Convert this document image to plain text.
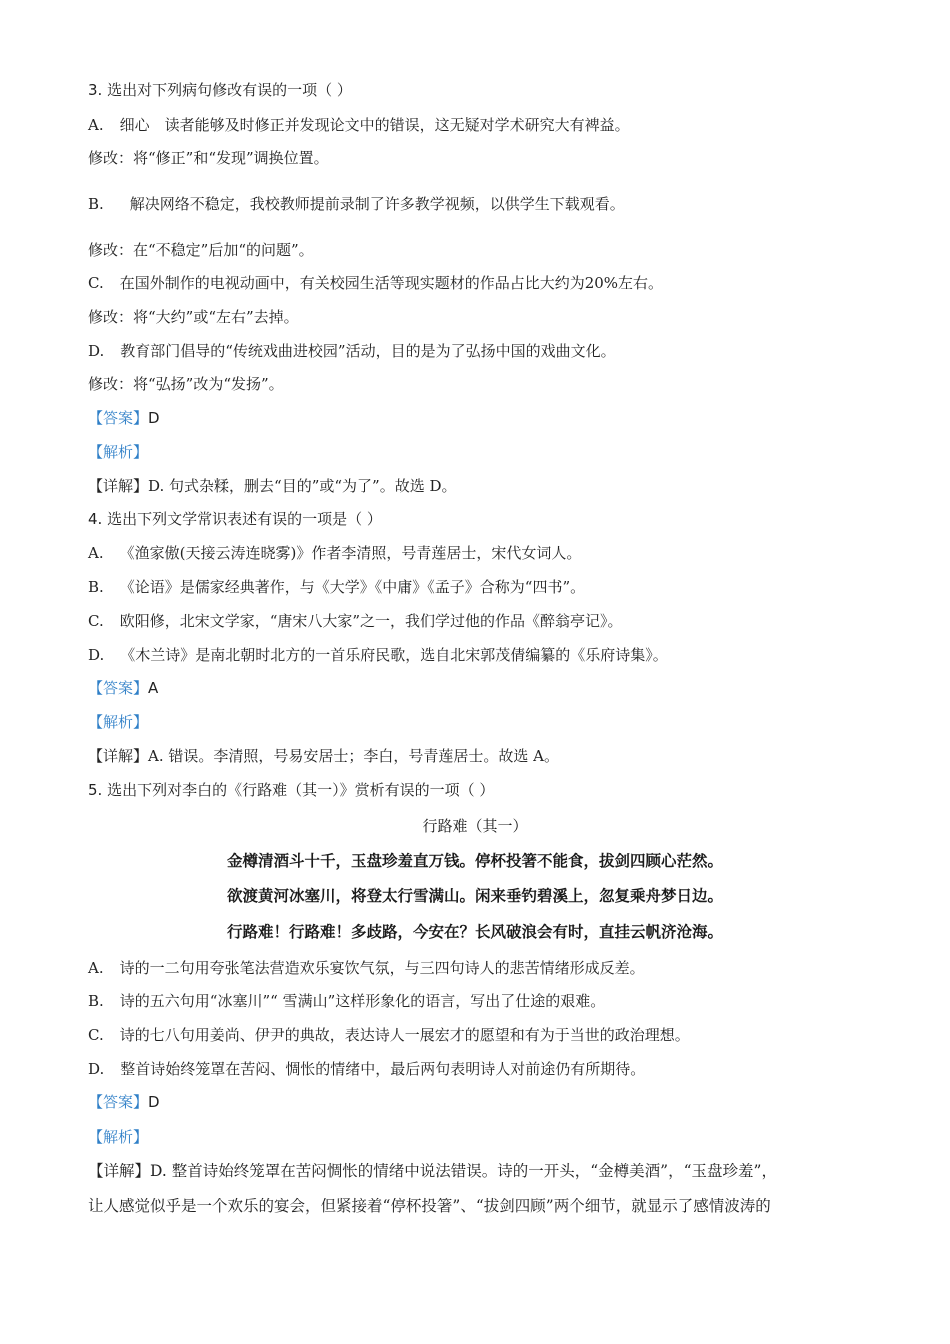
3. 选出对下列病句修改有误的一项（ ）
A. 细心　读者能够及时修正并发现论文中的错误，这无疑对学术研究大有裨益。
修改：将“修正”和“发现”调换位置。
B. 解决网络不稳定，我校教师提前录制了许多教学视频，以供学生下载观看。
修改：在“不稳定”后加“的问题”。
C. 在国外制作的电视动画中，有关校园生活等现实题材的作品占比大约为20%左右。
修改：将“大约”或“左右”去掉。
D. 教育部门倡导的“传统戏曲进校园”活动，目的是为了弘扬中国的戏曲文化。
修改：将“弘扬”改为“发扬”。
【答案】D
【解析】
【详解】D. 句式杂糅，删去“目的”或“为了”。故选 D。
4. 选出下列文学常识表述有误的一项是（ ）
A. 《渔家傲(天接云涛连晓雾)》作者李清照，号青莲居士，宋代女词人。
B. 《论语》是儒家经典著作，与《大学》《中庸》《孟子》合称为“四书”。
C. 欧阳修，北宋文学家，“唐宋八大家”之一，我们学过他的作品《醉翁亭记》。
D. 《木兰诗》是南北朝时北方的一首乐府民歌，选自北宋郭茂倩编纂的《乐府诗集》。
【答案】A
【解析】
【详解】A. 错误。李清照，号易安居士；李白，号青莲居士。故选 A。
5. 选出下列对李白的《行路难（其一）》赏析有误的一项（ ）
行路难（其一）
金樽清酒斗十千，玉盘珍羞直万钱。停杯投箸不能食，拔剑四顾心茫然。
欲渡黄河冰塞川，将登太行雪满山。闲来垂钓碧溪上，忽复乘舟梦日边。
行路难！行路难！多歧路，今安在？长风破浪会有时，直挂云帆济沧海。
A. 诗的一二句用夸张笔法营造欢乐宴饮气氛，与三四句诗人的悲苦情绪形成反差。
B. 诗的五六句用“冰塞川”“ 雪满山”这样形象化的语言，写出了仕途的艰难。
C. 诗的七八句用姜尚、伊尹的典故，表达诗人一展宏才的愿望和有为于当世的政治理想。
D. 整首诗始终笼罩在苦闷、惆怅的情绪中，最后两句表明诗人对前途仍有所期待。
【答案】D
【解析】
【详解】D. 整首诗始终笼罩在苦闷惆怅的情绪中说法错误。诗的一开头，“金樽美酒”，“玉盘珍羞”，
让人感觉似乎是一个欢乐的宴会，但紧接着“停杯投箸”、“拔剑四顾”两个细节，就显示了感情波涛的
